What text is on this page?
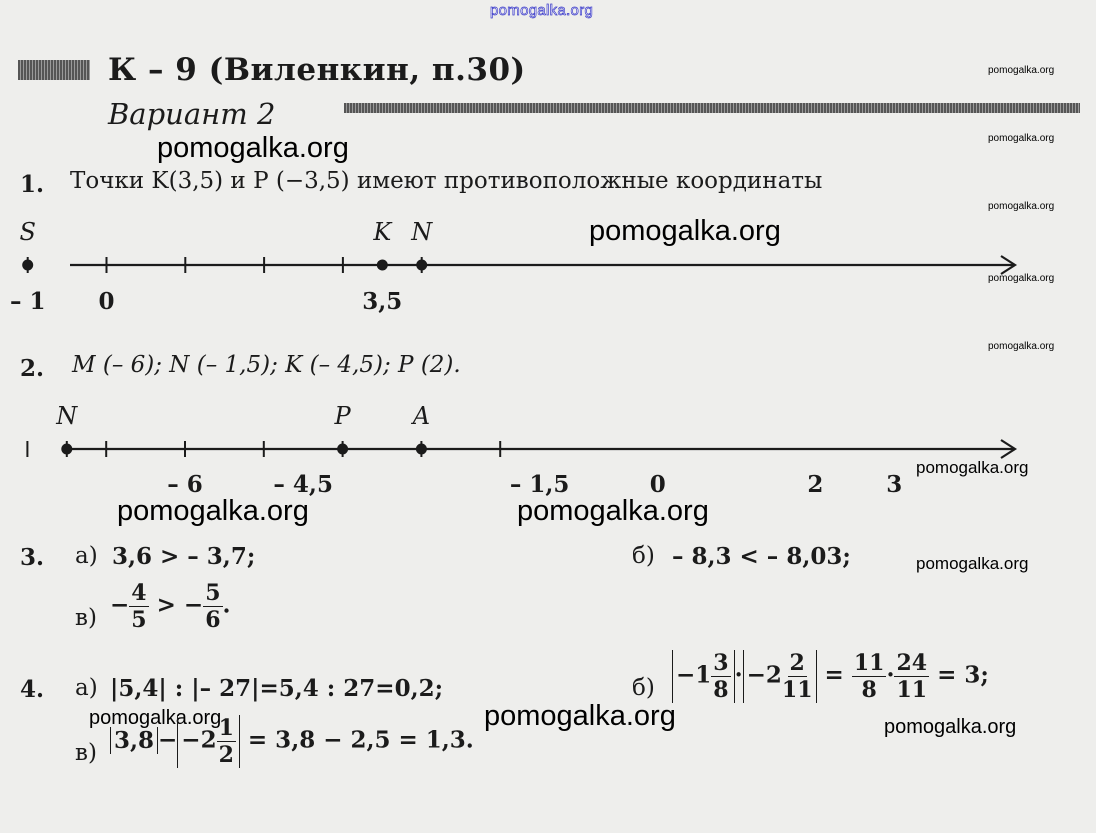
pomogalka.org
К – 9 (Виленкин, п.30)
Вариант 2
pomogalka.org
pomogalka.org
pomogalka.org	pomogalka.org
pomogalka.org
pomogalka.org
pomogalka.org
pomogalka.org
pomogalka.org
pomogalka.org
pomogalka.org
pomogalka.org
pomogalka.org
pomogalka.org
1. Точки K(3,5) и P (−3,5) имеют противоположные координаты
2. M (– 6); N (– 1,5); K (– 4,5); P (2).
S	K N
– 1 0	3,5
N	P	A
– 6	– 4,5	– 1,5	0	2	3
3. а) 3,6 > – 3,7;	б) – 8,3 < – 8,03;
$в) - \frac{4}{5}$ > − $\frac{5}{6}$ .
4. а) |5,4| : |– 27|=5,4 : 27=0,2;	$б) -1 \frac{3}{8} \cdot -2 \frac{2}{11} = \frac{11}{8} \cdot \frac{24}{11} = 3$;
в) $3,8 - -2 \frac{1}{2} = 3,8 - 2,5 = 1,3$.
